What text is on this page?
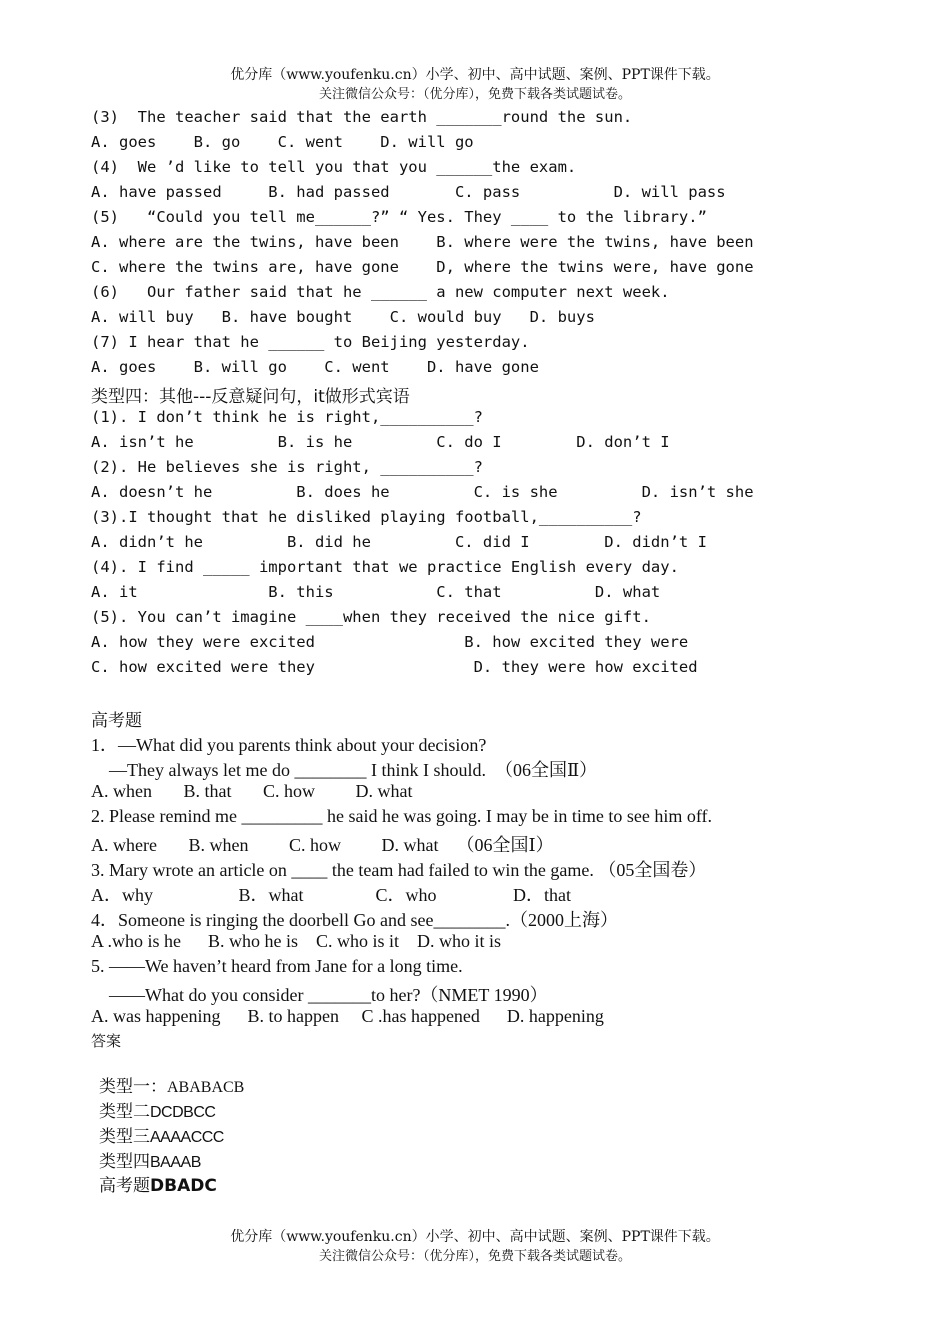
优分库（www.youfenku.cn）小学、初中、高中试题、案例、PPT课件下载。
关注微信公众号：（优分库），免费下载各类试题试卷。
(3)  The teacher said that the earth _______round the sun.
A. goes    B. go    C. went    D. will go
(4)  We ’d like to tell you that you ______the exam.
A. have passed     B. had passed       C. pass          D. will pass
(5)   “Could you tell me______?” “ Yes. They ____ to the library.”
A. where are the twins, have been    B. where were the twins, have been
C. where the twins are, have gone    D, where the twins were, have gone
(6)   Our father said that he ______ a new computer next week.
A. will buy   B. have bought    C. would buy   D. buys
(7) I hear that he ______ to Beijing yesterday.
A. goes    B. will go    C. went    D. have gone
类型四：其他---反意疑问句，it做形式宾语
(1). I don’t think he is right,__________?
A. isn’t he         B. is he         C. do I        D. don’t I
(2). He believes she is right, __________?
A. doesn’t he         B. does he         C. is she         D. isn’t she
(3).I thought that he disliked playing football,__________?
A. didn’t he         B. did he         C. did I        D. didn’t I
(4). I find _____ important that we practice English every day.
A. it              B. this           C. that          D. what
(5). You can’t imagine ____when they received the nice gift.
A. how they were excited                B. how excited they were
C. how excited were they                 D. they were how excited
高考题
1．—What did you parents think about your decision?
—They always let me do ________ I think I should.  （06全国Ⅱ）
A. when       B. that       C. how         D. what
2. Please remind me _________ he said he was going. I may be in time to see him off.
A. where       B. when         C. how         D. what    （06全国Ⅰ）
3. Mary wrote an article on ____ the team had failed to win the game. （05全国卷）
A．why                   B．what                C．who                 D．that
4．Someone is ringing the doorbell Go and see________.（2000上海）
A .who is he      B. who he is    C. who is it    D. who it is
5. ——We haven’t heard from Jane for a long time.
——What do you consider _______to her?（NMET 1990）
A. was happening      B. to happen     C .has happened      D. happening
答案

类型一：ABABACB

类型二DCDBCC

类型三AAAACCC

类型四BAAAB

高考题DBADC

优分库（www.youfenku.cn）小学、初中、高中试题、案例、PPT课件下载。
关注微信公众号：（优分库），免费下载各类试题试卷。
